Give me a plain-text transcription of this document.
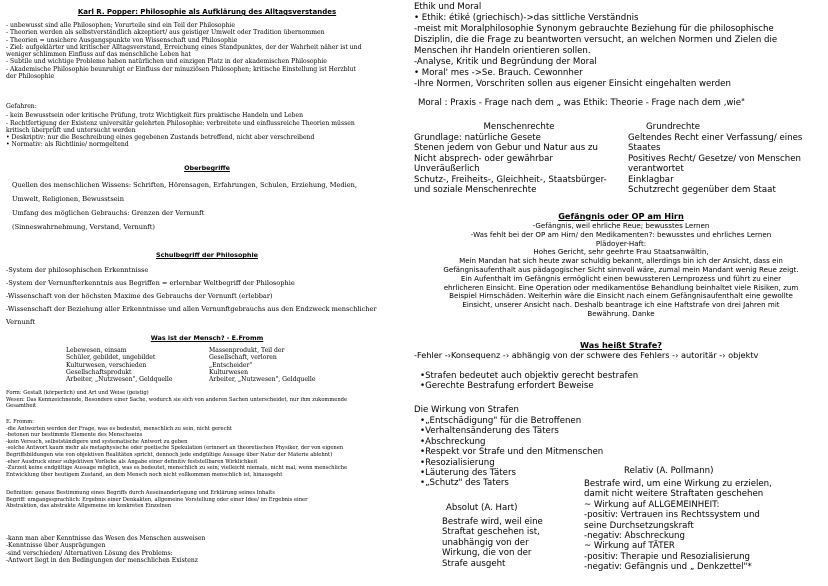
Karl R. Popper: Philosophie als Aufklärung des Alltagsverstandes
- unbewusst sind alle Philosophen; Vorurteile sind ein Teil der Philosophie
- Theorien werden als selbstverständlich akzeptiert/ aus geistiger Umwelt oder Tradition übernommen
- Theorien = unsichere Ausgangspunkte von Wissenschaft und Philosophie
- Ziel: aufgeklärter und kritischer Alltagsverstand, Erreichung eines Standpunktes, der der Wahrheit näher ist und
weniger schlimmen Einfluss auf das menschliche Leben hat
- Subtile und wichtige Probleme haben natürlichen und einzigen Platz in der akademischen Philosophie
- Akademische Philosophie beunruhigt er Einfluss der minuziösen Philosophen; kritische Einstellung ist Herzblut
der Philosophie
Gefahren:
- kein Bewusstsein oder kritische Prüfung, trotz Wichtigkeit fürs praktische Handeln und Leben
- Rechtfertigung der Existenz universitär gelehrten Philosophie: verbreitete und einflussreiche Theorien müssen
kritisch überprüft und untersucht werden
• Deskriptiv: nur die Beschreibung eines gegebenen Zustands betreffend, nicht aber verschreibend
• Normativ: als Richtlinie/ normgeltend
Oberbegriffe
Quellen des menschlichen Wissens: Schriften, Hörensagen, Erfahrungen, Schulen, Erziehung, Medien,
Umwelt, Religionen, Bewusstsein
Umfang des möglichen Gebrauchs: Grenzen der Vernunft
(Sinneswahrnehmung, Verstand, Vernunft)
Schulbegriff der Philosophie
-System der philosophischen Erkenntnisse
-System der Vernunfterkenntnis aus Begriffen = erlernbar Weltbegriff der Philosophie
-Wissenschaft von der höchsten Maxime des Gebrauchs der Vernunft (erlebbar)
-Wissenschaft der Beziehung aller Erkenntnisse und allen Vernunftgebrauchs aus den Endzweck menschlicher
Vernunft
Was ist der Mensch? - E.Fromm
Lebewesen, einsam
Schüler, gebildet, ungebildet
Kulturwesen, verschieden
Gesellschaftsprodukt
Arbeiter, „Nutzwesen", Geldquelle
Massenprodukt, Teil der
Gesellschaft, verloren
„Entscheider"
Kulturwesen
Arbeiter, „Nutzwesen", Geldquelle
Form: Gestalt (körperlich) und Art und Weise (geistig)
Wesen: Das Kennzeichnende, Besondere einer Sache, wodurch sie sich von anderen Sachen unterscheidet, nur ihm zukommende
Gesamtheit
E. Fromm:
-die Antworten werden der Frage, was es bedeutet, menschlich zu sein, nicht gerecht
-betonen nur bestimmte Elemente des Menschseins
-kein Versuch, selbstständigere und systematische Antwort zu geben
-solche Antwort kaum mehr als metaphysische oder poetische Spekulation (erinnert an theoretischen Physiker, der von eigenen
Begriffsbildungen wie von objektiven Realitäten spricht, dennoch jede endgültige Aussage über Natur der Materie ablehnt)
-eher Ausdruck einer subjektiven Vorliebe als Angabe einer definitiv feststellbaren Wirklichkeit
-Zurzeit keine endgültige Aussage möglich, was es bedeutet, menschlich zu sein; vielleicht niemals, nicht mal, wenn menschliche
Entwicklung über heutigem Zustand, an dem Mensch noch nicht vollkommen menschlich ist, hinausgeht
Definition: genaue Bestimmung eines Begriffs durch Auseinanderlegung und Erklärung seines Inhalts
Begriff: umgangssprachlich: Ergebnis einer Denkakten, allgemeine Vorstellung oder einer Idee/ im Ergebnis einer
Abstraktion, das abstrakte Allgemeine im konkreten Einzelnen
-kann man aber Kenntnisse das Wesen des Menschen ausweisen
-Kenntnisse über Ausprägungen
-sind verschieden/ Alternativen Lösung des Problems:
-Antwort liegt in den Bedingungen der menschlichen Existenz
Ethik und Moral
• Ethik: étiké (griechisch)->das sittliche Verständnis
-meist mit Moralphilosophie Synonym gebrauchte Beziehung für die philosophische
Disziplin, die die Frage zu beantworten versucht, an welchen Normen und Zielen die
Menschen ihr Handeln orientieren sollen.
-Analyse, Kritik und Begründung der Moral
• Moral' mes ->Se. Brauch. Cewonnher
-Ihre Normen, Vorschriten sollen aus eigener Einsicht eingehalten werden
Moral : Praxis - Frage nach dem „ was Ethik: Theorie - Frage nach dem ‚wie"
Menschenrechte
Grundlage: natürliche Gesete
Stenen jedem von Gebur und Natur aus zu
Nicht absprech- oder gewährbar
Unveräußerlich
Schutz-, Freiheits-, Gleichheit-, Staatsbürger-
und soziale Menschenrechte
Grundrechte
Geltendes Recht einer Verfassung/ eines
Staates
Positives Recht/ Gesetze/ von Menschen
verantwortet
Einklagbar
Schutzrecht gegenüber dem Staat
Gefängnis oder OP am Hirn
-Gefängnis, weil ehrliche Reue; bewusstes Lernen
-Was fehlt bei der OP am Hirn/ den Medikamenten?: bewusstes und ehrliches Lernen
Plädoyer-Haft:
Hohes Gericht, sehr geehrte Frau Staatsanwältin,
Mein Mandan hat sich heute zwar schuldig bekannt, allerdings bin ich der Ansicht, dass ein
Gefängnisaufenthalt aus pädagogischer Sicht sinnvoll wäre, zumal mein Mandant wenig Reue zeigt.
Ein Aufenthalt im Gefängnis ermöglicht einen bewussteren Lernprozess und führt zu einer
ehrlicheren Einsicht. Eine Operation oder medikamentöse Behandlung beinhaltet viele Risiken, zum
Beispiel Hirnschäden. Weiterhin wäre die Einsicht nach einem Gefängnisaufenthalt eine gewollte
Einsicht, unserer Ansicht nach. Deshalb beantrage ich eine Haftstrafe von drei Jahren mit
Bewährung. Danke
Was heißt Strafe?
-Fehler -›Konsequenz -› abhängig von der schwere des Fehlers -› autoritär -› objektv
• Strafen bedeutet auch objektiv gerecht bestrafen
• Gerechte Bestrafung erfordert Beweise
Die Wirkung von Strafen
• „Entschädigung" für die Betroffenen
• Verhaltensänderung des Täters
• Abschreckung
• Respekt vor Strafe und den Mitmenschen
• Resozialisierung
• Läuterung des Täters
• „Schutz" des Taters
Absolut (A. Hart)
Bestrafe wird, weil eine
Straftat geschehen ist,
unabhängig von der
Wirkung, die von der
Strafe ausgeht
Relativ (A. Pollmann)
Bestrafe wird, um eine Wirkung zu erzielen,
damit nicht weitere Straftaten geschehen
~ Wirkung auf ALLGEMEINHEIT:
-positiv: Vertrauen ins Rechtssystem und
seine Durchsetzungskraft
-negativ: Abschreckung
~ Wirkung auf TÄTER
-positiv: Therapie und Resozialisierung
-negativ: Gefängnis und „ Denkzettel"*
